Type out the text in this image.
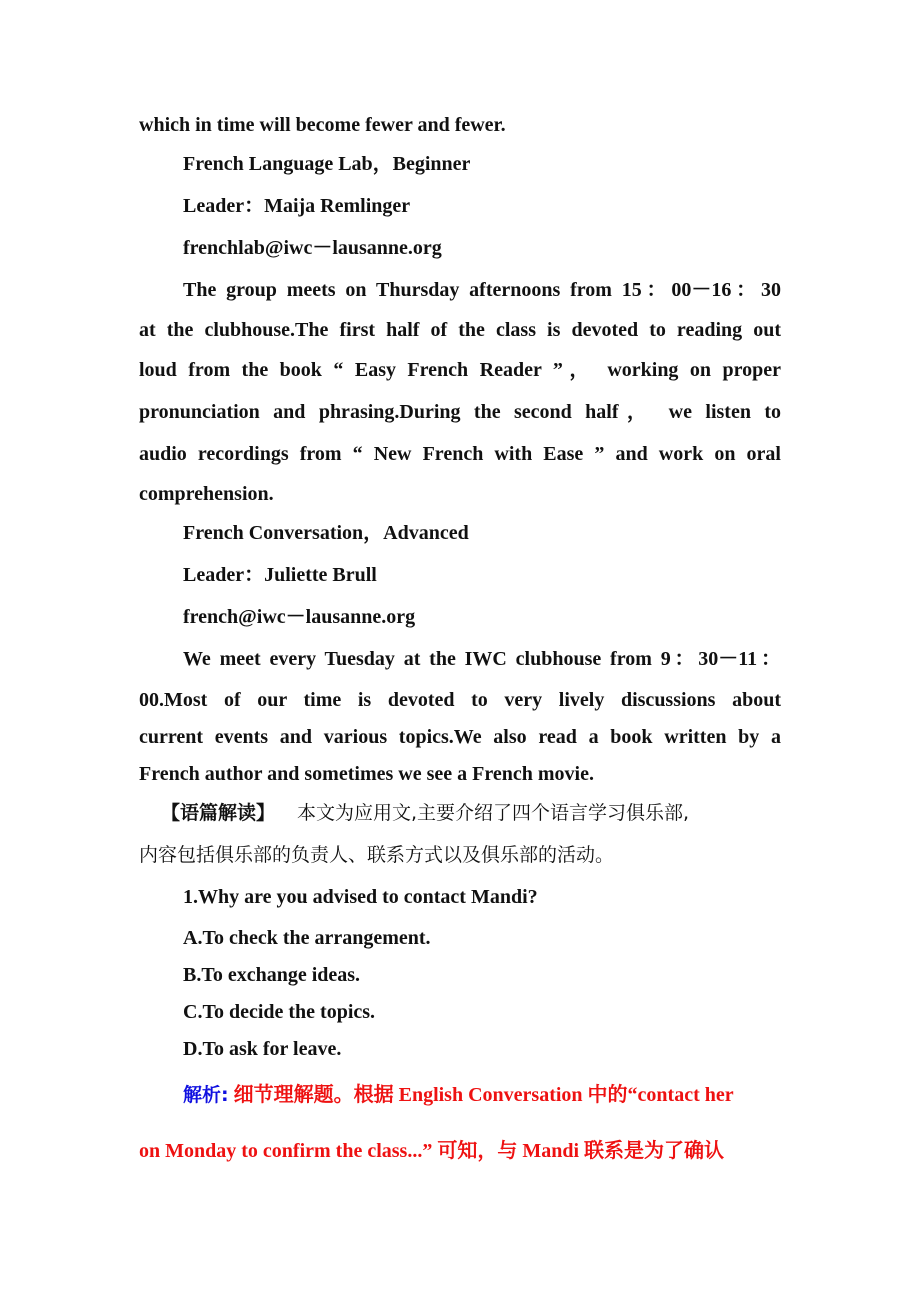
which in time will become fewer and fewer.
French Language Lab，Beginner
Leader：Maija Remlinger
frenchlab@iwc－lausanne.org
The group meets on Thursday afternoons from 15：00－16：30
at the clubhouse.The first half of the class is devoted to reading out
loud from the book “ Easy French Reader ”， working on proper
pronunciation and phrasing.During the second half， we listen to
audio recordings from “ New French with Ease ” and work on oral
comprehension.
French Conversation，Advanced
Leader：Juliette Brull
french@iwc－lausanne.org
We meet every Tuesday at the IWC clubhouse from 9：30－11：
00.Most of our time is devoted to very lively discussions about
current events and various topics.We also read a book written by a
French author and sometimes we see a French movie.
【语篇解读】 本文为应用文,主要介绍了四个语言学习俱乐部,
内容包括俱乐部的负责人、联系方式以及俱乐部的活动。
1.Why are you advised to contact Mandi?
A.To check the arrangement.
B.To exchange ideas.
C.To decide the topics.
D.To ask for leave.
解析: 细节理解题。根据 English Conversation 中的“contact her
on Monday to confirm the class...” 可知，与 Mandi 联系是为了确认
